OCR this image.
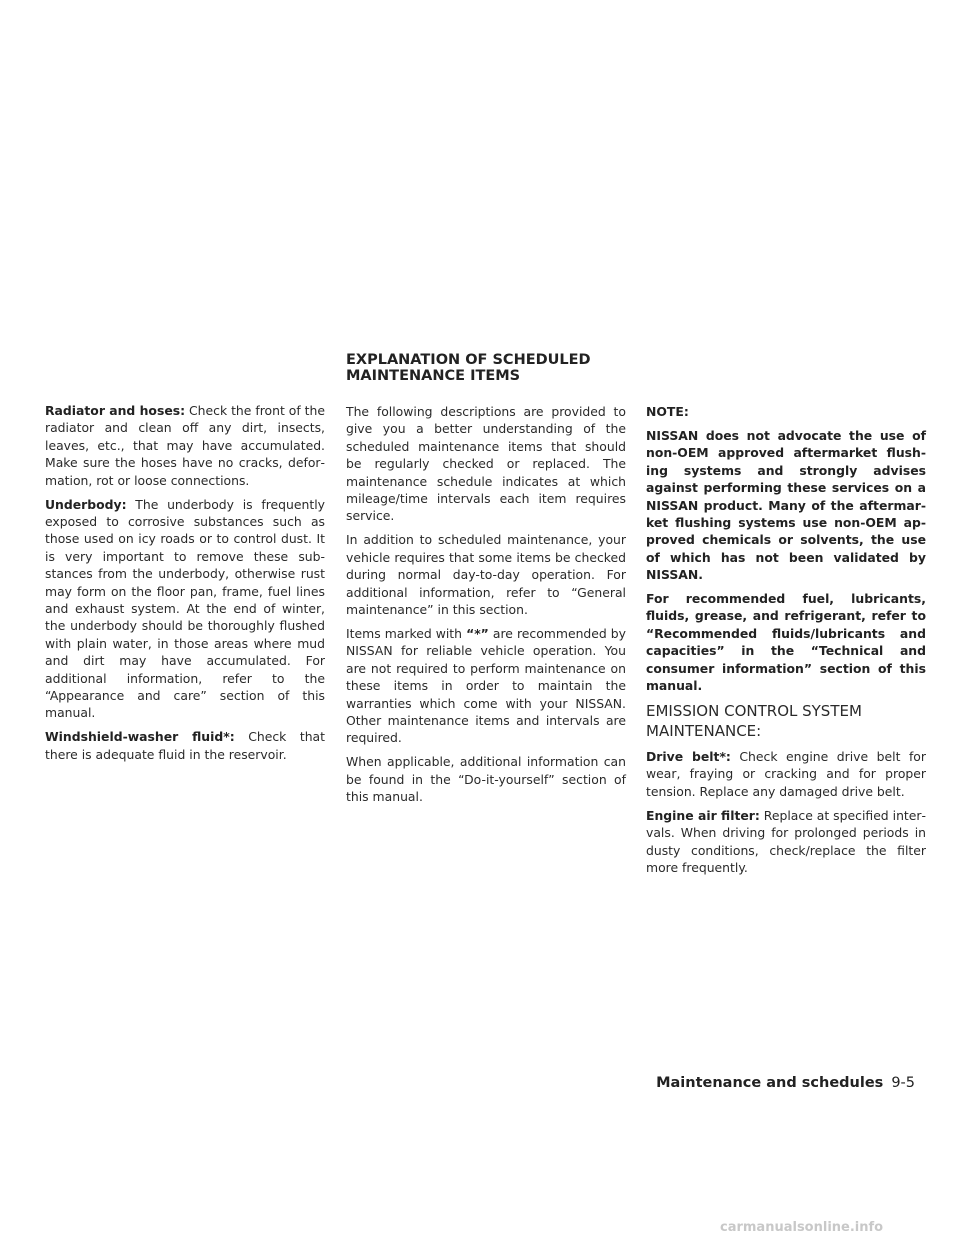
EXPLANATION OF SCHEDULED
MAINTENANCE ITEMS

Radiator and hoses: Check the front of the radiator and clean off any dirt, insects, leaves, etc., that may have accumulated. Make sure the hoses have no cracks, deformation, rot or loose connections.

Underbody: The underbody is frequently exposed to corrosive substances such as those used on icy roads or to control dust. It is very important to remove these substances from the underbody, otherwise rust may form on the floor pan, frame, fuel lines and exhaust system. At the end of winter, the underbody should be thoroughly flushed with plain water, in those areas where mud and dirt may have accumulated. For additional information, refer to the “Appearance and care” section of this manual.

Windshield-washer fluid*: Check that there is adequate fluid in the reservoir.

The following descriptions are provided to give you a better understanding of the scheduled maintenance items that should be regularly checked or replaced. The maintenance schedule indicates at which mileage/time intervals each item requires service.

In addition to scheduled maintenance, your vehicle requires that some items be checked during normal day-to-day operation. For additional information, refer to “General maintenance” in this section.

Items marked with “*” are recommended by NISSAN for reliable vehicle operation. You are not required to perform maintenance on these items in order to maintain the warranties which come with your NISSAN. Other maintenance items and intervals are required.

When applicable, additional information can be found in the “Do-it-yourself” section of this manual.

NOTE:

NISSAN does not advocate the use of non-OEM approved aftermarket flushing systems and strongly advises against performing these services on a NISSAN product. Many of the aftermarket flushing systems use non-OEM approved chemicals or solvents, the use of which has not been validated by NISSAN.

For recommended fuel, lubricants, fluids, grease, and refrigerant, refer to “Recommended fluids/lubricants and capacities” in the “Technical and consumer information” section of this manual.

EMISSION CONTROL SYSTEM MAINTENANCE:

Drive belt*: Check engine drive belt for wear, fraying or cracking and for proper tension. Replace any damaged drive belt.

Engine air filter: Replace at specified intervals. When driving for prolonged periods in dusty conditions, check/replace the filter more frequently.

Maintenance and schedules 9-5
carmanualsonline.info
